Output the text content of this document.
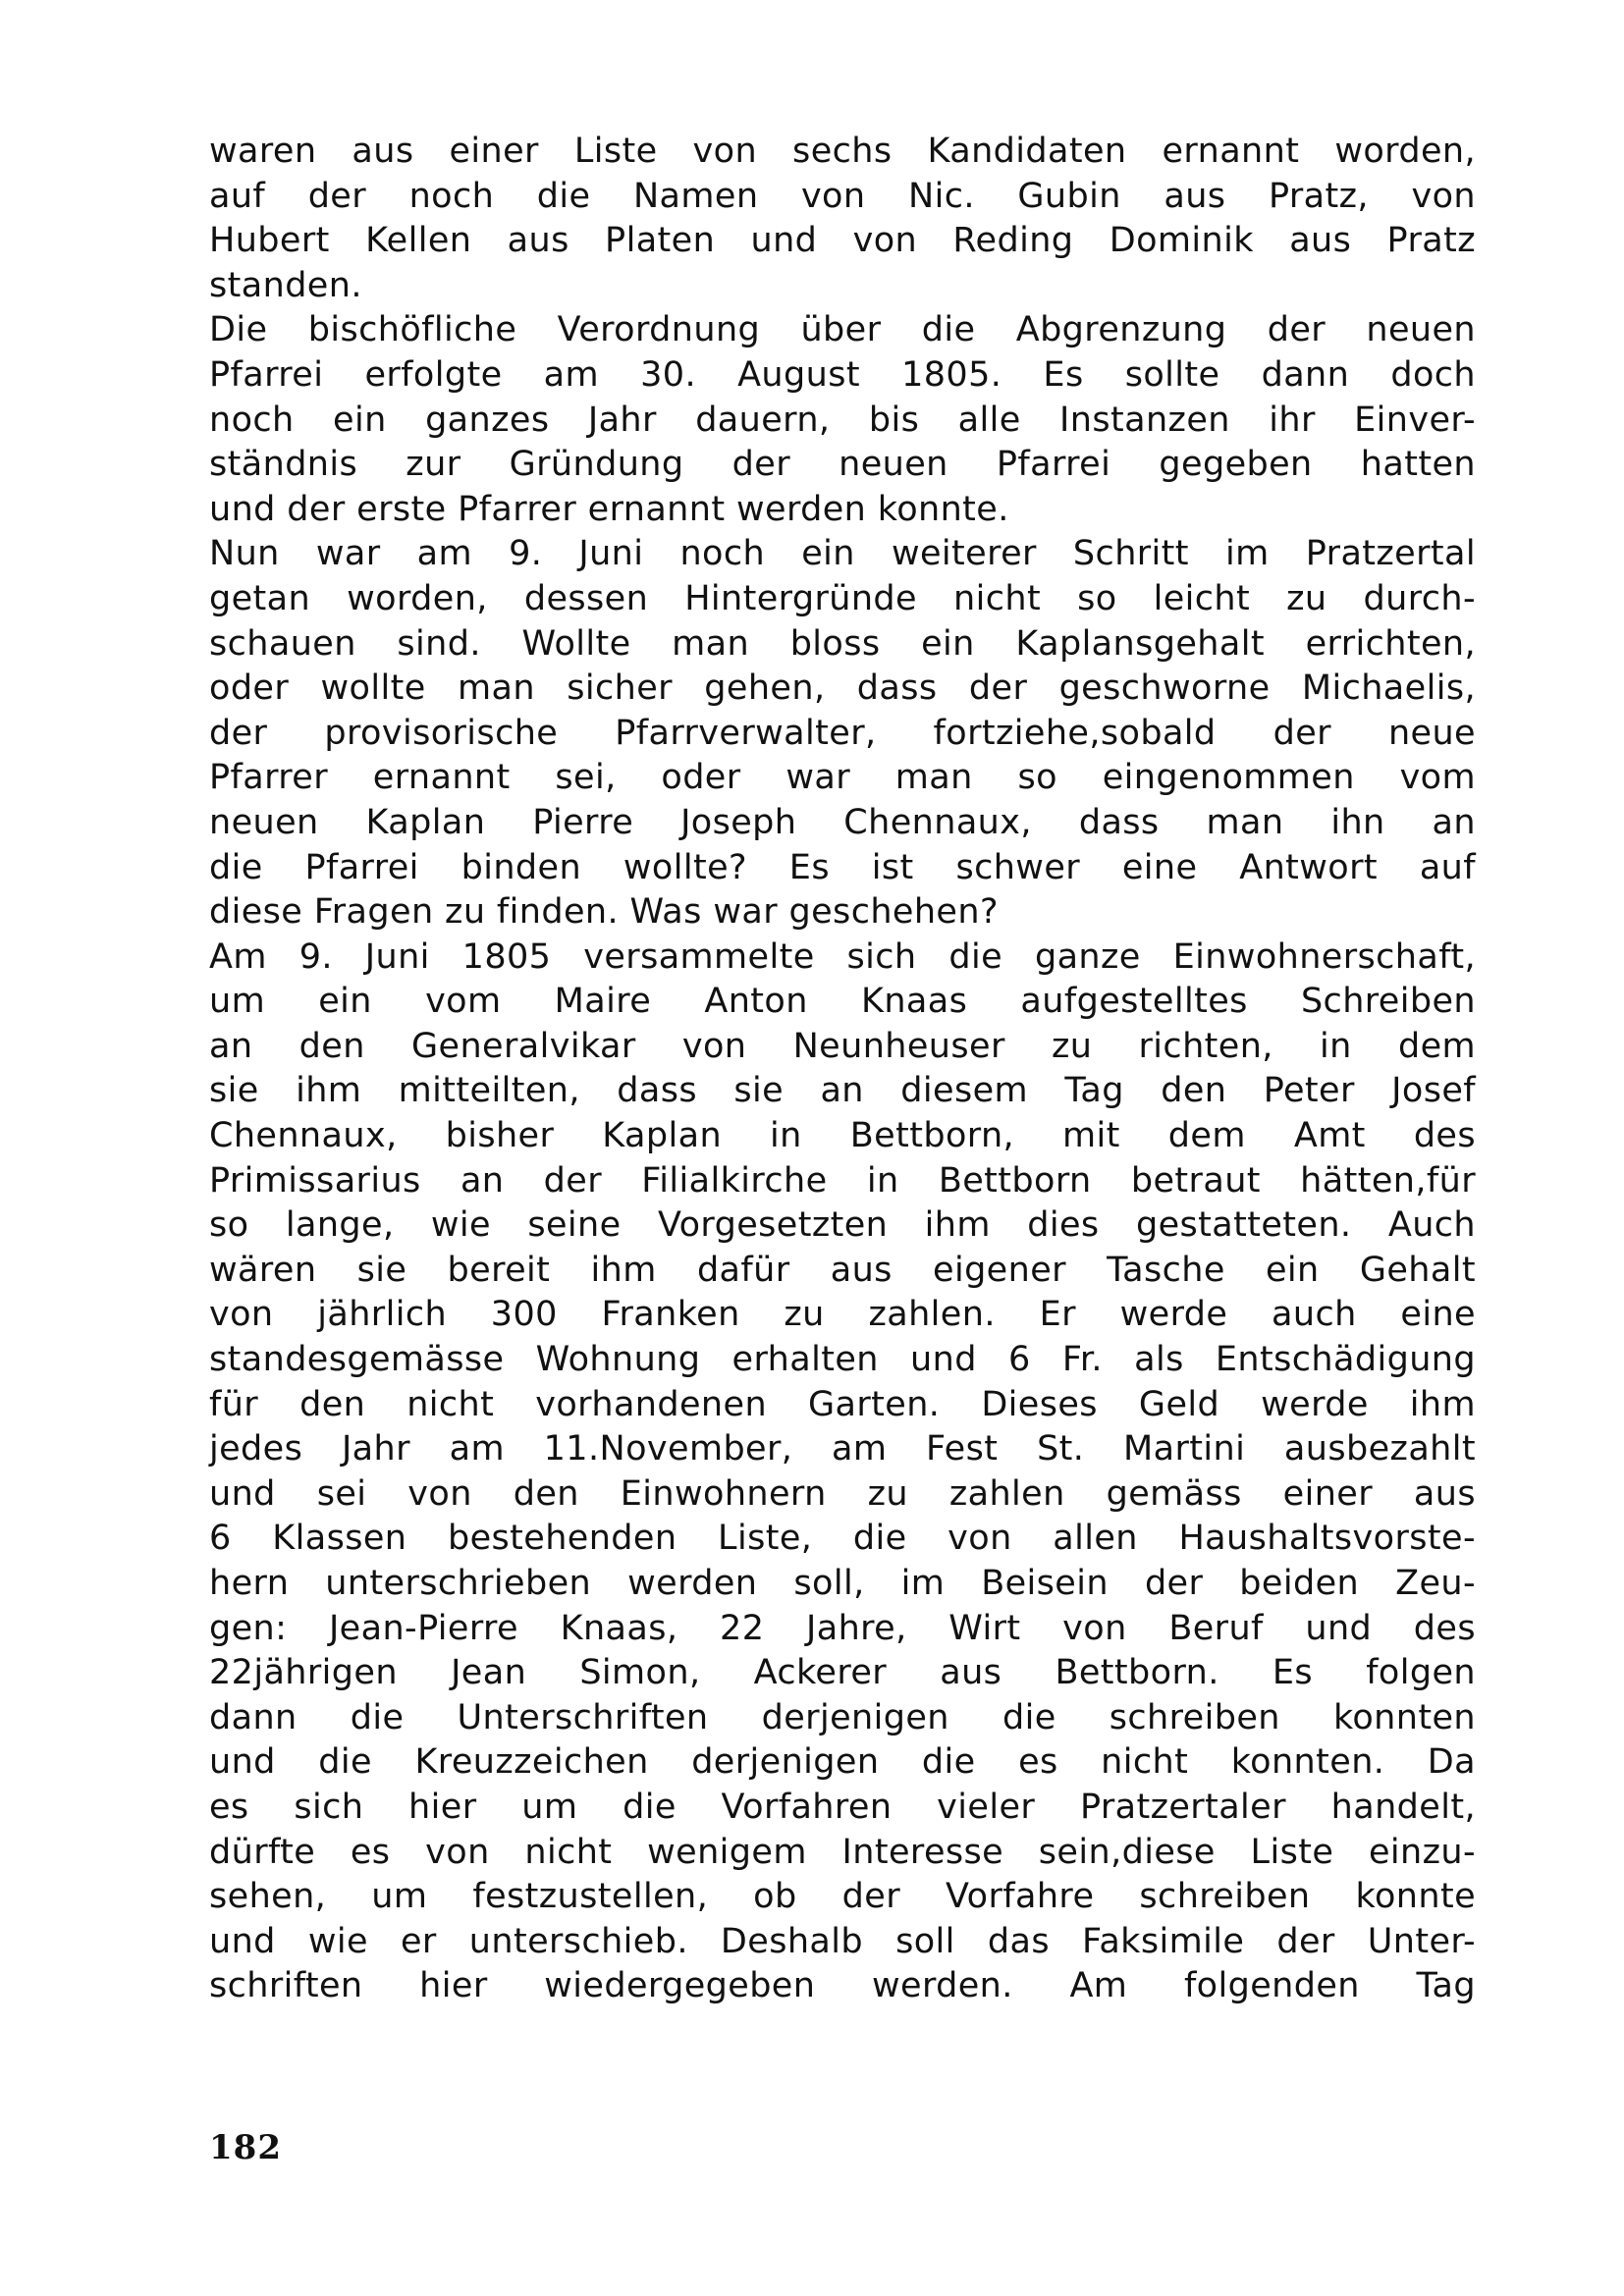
waren aus einer Liste von sechs Kandidaten ernannt worden,
auf der noch die Namen von Nic. Gubin aus Pratz, von
Hubert Kellen aus Platen und von Reding Dominik aus Pratz
standen.
Die bischöfliche Verordnung über die Abgrenzung der neuen
Pfarrei erfolgte am 30. August 1805. Es sollte dann doch
noch ein ganzes Jahr dauern, bis alle Instanzen ihr Einver-
ständnis zur Gründung der neuen Pfarrei gegeben hatten
und der erste Pfarrer ernannt werden konnte.
Nun war am 9. Juni noch ein weiterer Schritt im Pratzertal
getan worden, dessen Hintergründe nicht so leicht zu durch-
schauen sind. Wollte man bloss ein Kaplansgehalt errichten,
oder wollte man sicher gehen, dass der geschworne Michaelis,
der provisorische Pfarrverwalter, fortziehe,sobald der neue
Pfarrer ernannt sei, oder war man so eingenommen vom
neuen Kaplan Pierre Joseph Chennaux, dass man ihn an
die Pfarrei binden wollte? Es ist schwer eine Antwort auf
diese Fragen zu finden. Was war geschehen?
Am 9. Juni 1805 versammelte sich die ganze Einwohnerschaft,
um ein vom Maire Anton Knaas aufgestelltes Schreiben
an den Generalvikar von Neunheuser zu richten, in dem
sie ihm mitteilten, dass sie an diesem Tag den Peter Josef
Chennaux, bisher Kaplan in Bettborn, mit dem Amt des
Primissarius an der Filialkirche in Bettborn betraut hätten,für
so lange, wie seine Vorgesetzten ihm dies gestatteten. Auch
wären sie bereit ihm dafür aus eigener Tasche ein Gehalt
von jährlich 300 Franken zu zahlen. Er werde auch eine
standesgemässe Wohnung erhalten und 6 Fr. als Entschädigung
für den nicht vorhandenen Garten. Dieses Geld werde ihm
jedes Jahr am 11.November, am Fest St. Martini ausbezahlt
und sei von den Einwohnern zu zahlen gemäss einer aus
6 Klassen bestehenden Liste, die von allen Haushaltsvorste-
hern unterschrieben werden soll, im Beisein der beiden Zeu-
gen: Jean-Pierre Knaas, 22 Jahre, Wirt von Beruf und des
22jährigen Jean Simon, Ackerer aus Bettborn. Es folgen
dann die Unterschriften derjenigen die schreiben konnten
und die Kreuzzeichen derjenigen die es nicht konnten. Da
es sich hier um die Vorfahren vieler Pratzertaler handelt,
dürfte es von nicht wenigem Interesse sein,diese Liste einzu-
sehen, um festzustellen, ob der Vorfahre schreiben konnte
und wie er unterschieb. Deshalb soll das Faksimile der Unter-
schriften hier wiedergegeben werden. Am folgenden Tag
182
